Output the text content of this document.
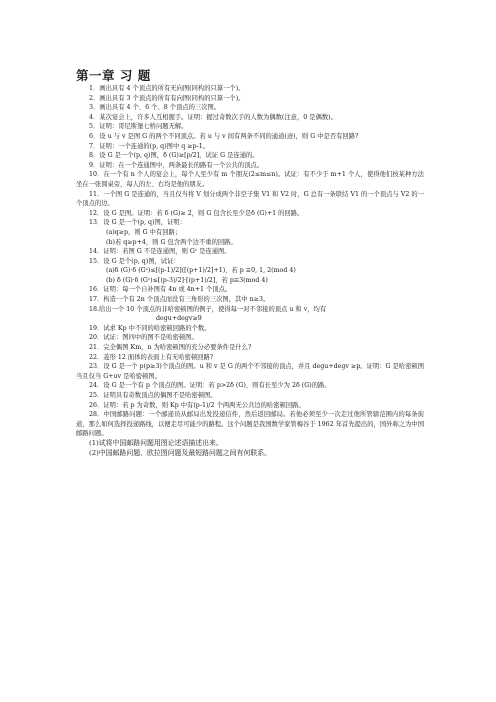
第一章 习 题
1．画出具有 4 个顶点的所有无向图(同构的只算一个)。
2．画出具有 3 个顶点的所有有向图(同构的只算一个)。
3．画出具有 4 个、6 个、8 个顶点的三次图。
4．某次宴会上，许多人互相握手。证明：握过奇数次手的人数为偶数(注意，0 是偶数)。
5．证明：哥尼斯堡七桥问题无解。
6．设 u 与 v 是图 G 的两个不同顶点。若 u 与 v 间有两条不同的通道(迹)，则 G 中是否有回路?
7．证明：一个连通的(p, q)图中 q ≥p-1。
8．设 G 是一个(p, q)图，δ (G)≥[p/2]，试证 G 是连通的。
9．证明：在一个连通图中，两条最长的路有一个公共的顶点。
10．在一个有 n 个人的宴会上，每个人至少有 m 个朋友(2≤m≤n)。试证：有不少于 m+1 个人，使得他们按某种方法坐在一张圆桌旁，每人的左、右均是他的朋友。
11．一个图 G 是连通的，当且仅当将 V 划分成两个非空子集 V1 和 V2 时，G 总有一条联结 V1 的一个顶点与 V2 的一个顶点的边。
12．设 G 是图。证明：若 δ (G)≥ 2，则 G 包含长至少是δ (G)+1 的回路。
13．设 G 是一个(p, q)图，证明：
(a)q≥p，则 G 中有回路；
(b)若 q≥p+4，则 G 包含两个边不重的回路。
14．证明：若图 G 不是连通图，则 Gᶜ 是连通图。
15．设 G 是个(p, q)图，试证：
(a)δ (G)·δ (Gᶜ)≤[(p-1)/2]([(p+1)/2]+1)，若 p ≡0, 1, 2(mod 4)
(b) δ (G)·δ (Gᶜ)≤[(p-3)/2]·[(p+1)/2]，若 p≡3(mod 4)
16．证明：每一个自补图有 4n 或 4n+1 个顶点。
17．构造一个有 2n 个顶点而没有三角形的三次图，其中 n≥3。
18.给出一个 10 个顶点的非哈密顿图的例子，使得每一对不邻接的顶点 u 和 v，均有
degu+degv≥9
19．试求 Kp 中不同的哈密顿回路的个数。
20．试证：图四中的图不是哈密顿图。
21．完全偶图 Km，n 为哈密顿图的充分必要条件是什么?
22．菱形 12 面体的表面上有无哈密顿回路?
23．设 G 是一个 p(p≥3)个顶点的图。u 和 v 是 G 的两个不邻接的顶点，并且 degu+degv ≥p。证明：G 是哈密顿图当且仅当 G+uv 是哈密顿图。
24．设 G 是一个有 p 个顶点的图。证明：若 p>2δ (G)，则有长至少为 2δ (G)的路。
25．证明具有奇数顶点的偶图不是哈密顿图。
26．证明：若 p 为奇数，则 Kp 中有(p-1)/2 个两两无公共边的哈密顿回路。
28．中国邮路问题：一个邮递员从邮局出发投递信件，然后返回邮局。若他必须至少一次走过他所管辖范围内的每条街道，那么如何选择投递路线，以便走尽可能少的路程。这个问题是我国数学家管梅谷于 1962 年首先提出的，国外称之为中国邮路问题。
(1)试将中国邮路问题用图论述语描述出来。
(2)中国邮路问题、欧拉图问题及最短路问题之间有何联系。
